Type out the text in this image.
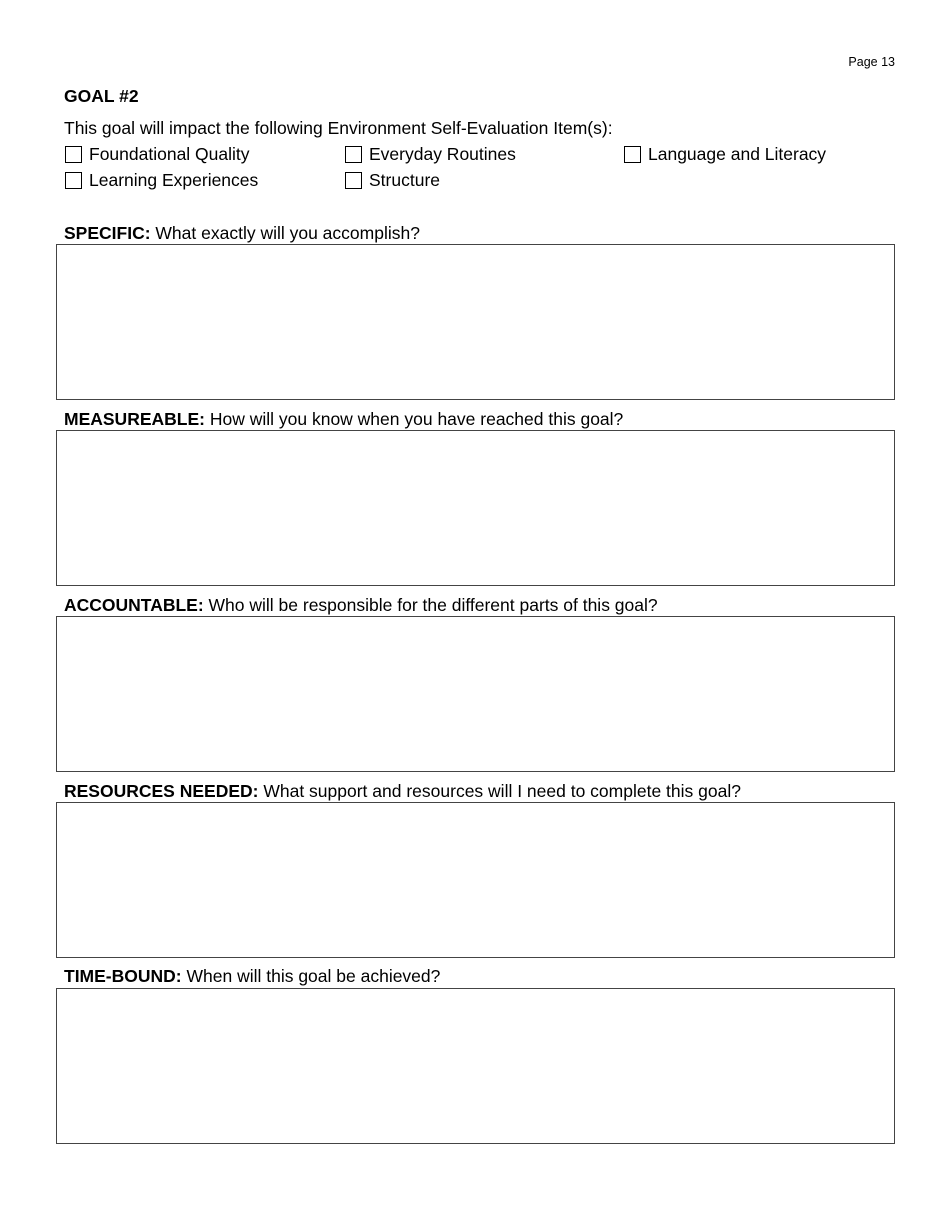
Page 13
GOAL #2
This goal will impact the following Environment Self-Evaluation Item(s):
Foundational Quality	Everyday Routines	Language and Literacy
Learning Experiences	Structure
SPECIFIC: What exactly will you accomplish?
MEASUREABLE: How will you know when you have reached this goal?
ACCOUNTABLE: Who will be responsible for the different parts of this goal?
RESOURCES NEEDED: What support and resources will I need to complete this goal?
TIME-BOUND: When will this goal be achieved?
